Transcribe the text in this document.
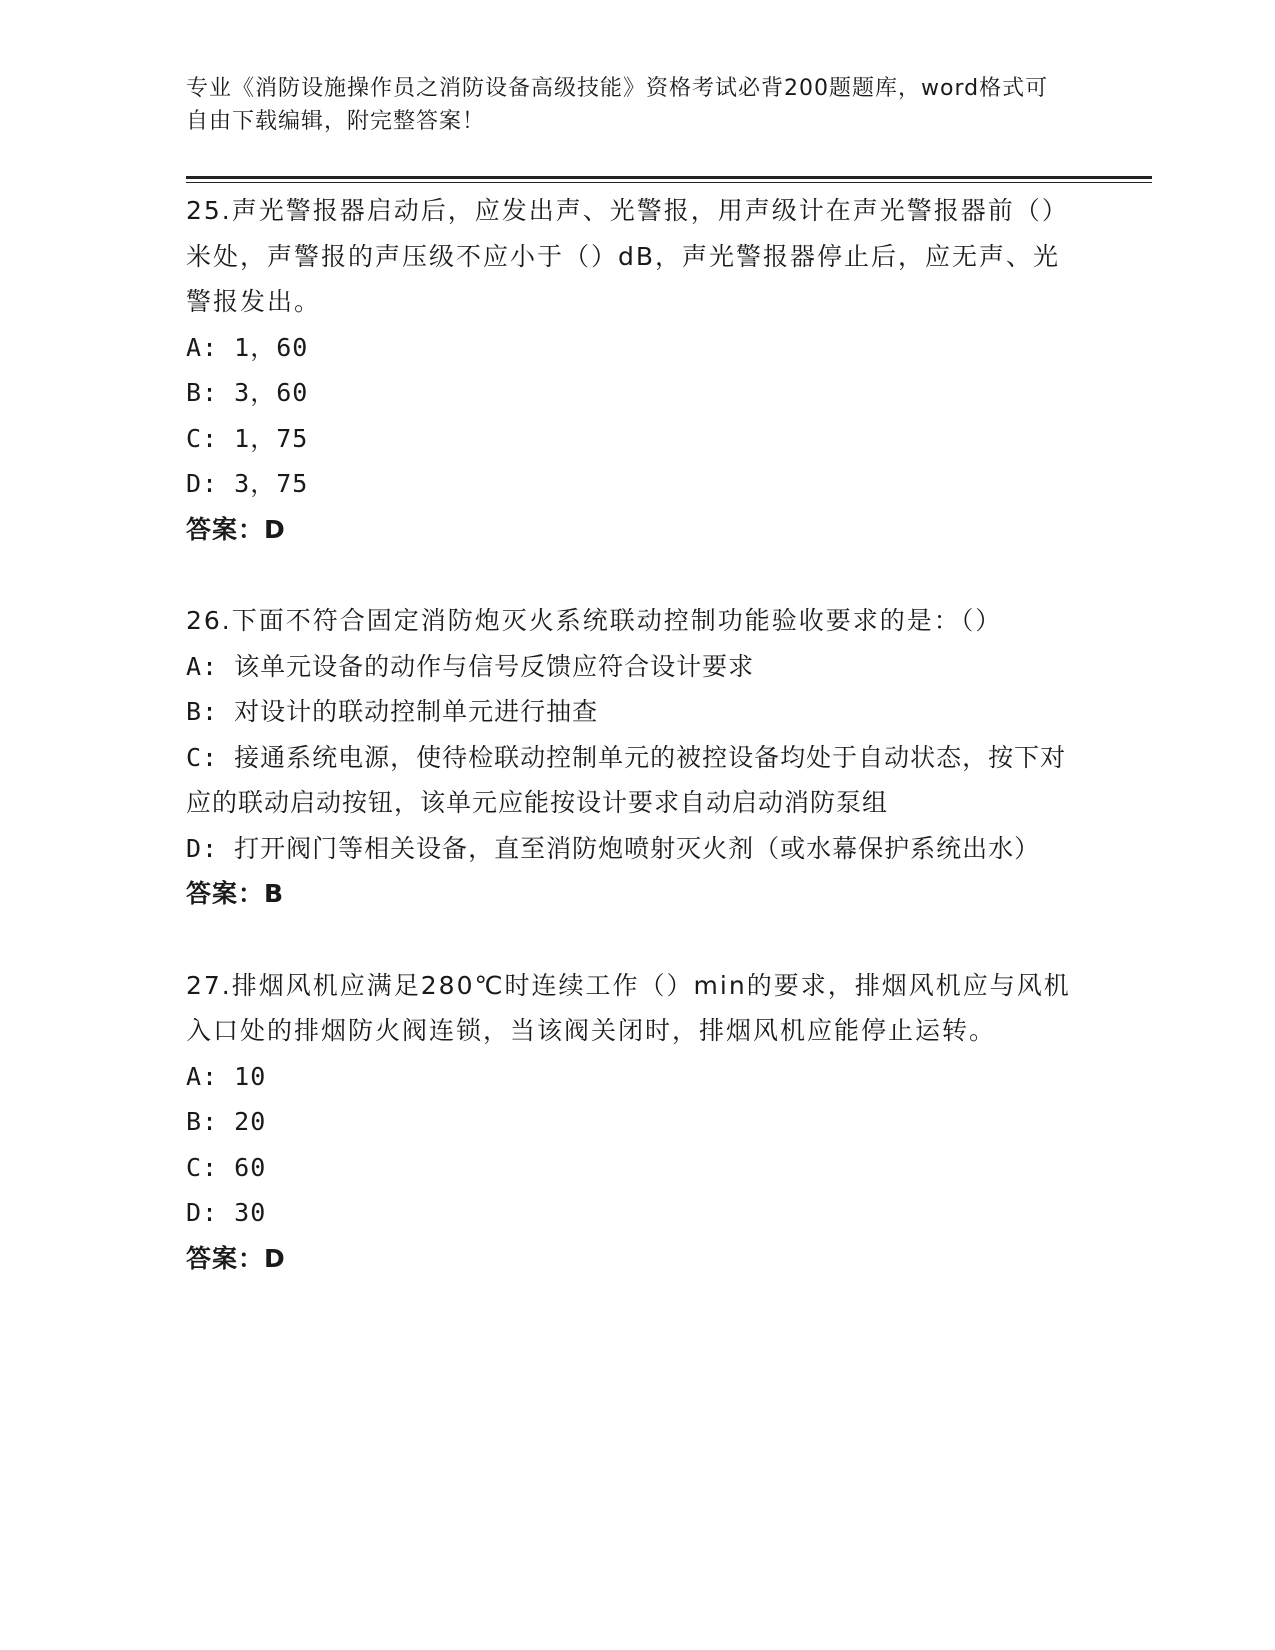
专业《消防设施操作员之消防设备高级技能》资格考试必背200题题库，word格式可自由下载编辑，附完整答案！

25.声光警报器启动后，应发出声、光警报，用声级计在声光警报器前（）米处，声警报的声压级不应小于（）dB，声光警报器停止后，应无声、光警报发出。

A: 1，60

B: 3，60

C: 1，75

D: 3，75

答案：D

26.下面不符合固定消防炮灭火系统联动控制功能验收要求的是：（）

A: 该单元设备的动作与信号反馈应符合设计要求

B: 对设计的联动控制单元进行抽查

C: 接通系统电源，使待检联动控制单元的被控设备均处于自动状态，按下对应的联动启动按钮，该单元应能按设计要求自动启动消防泵组

D: 打开阀门等相关设备，直至消防炮喷射灭火剂（或水幕保护系统出水）

答案：B

27.排烟风机应满足280℃时连续工作（）min的要求，排烟风机应与风机入口处的排烟防火阀连锁，当该阀关闭时，排烟风机应能停止运转。

A: 10

B: 20

C: 60

D: 30

答案：D
